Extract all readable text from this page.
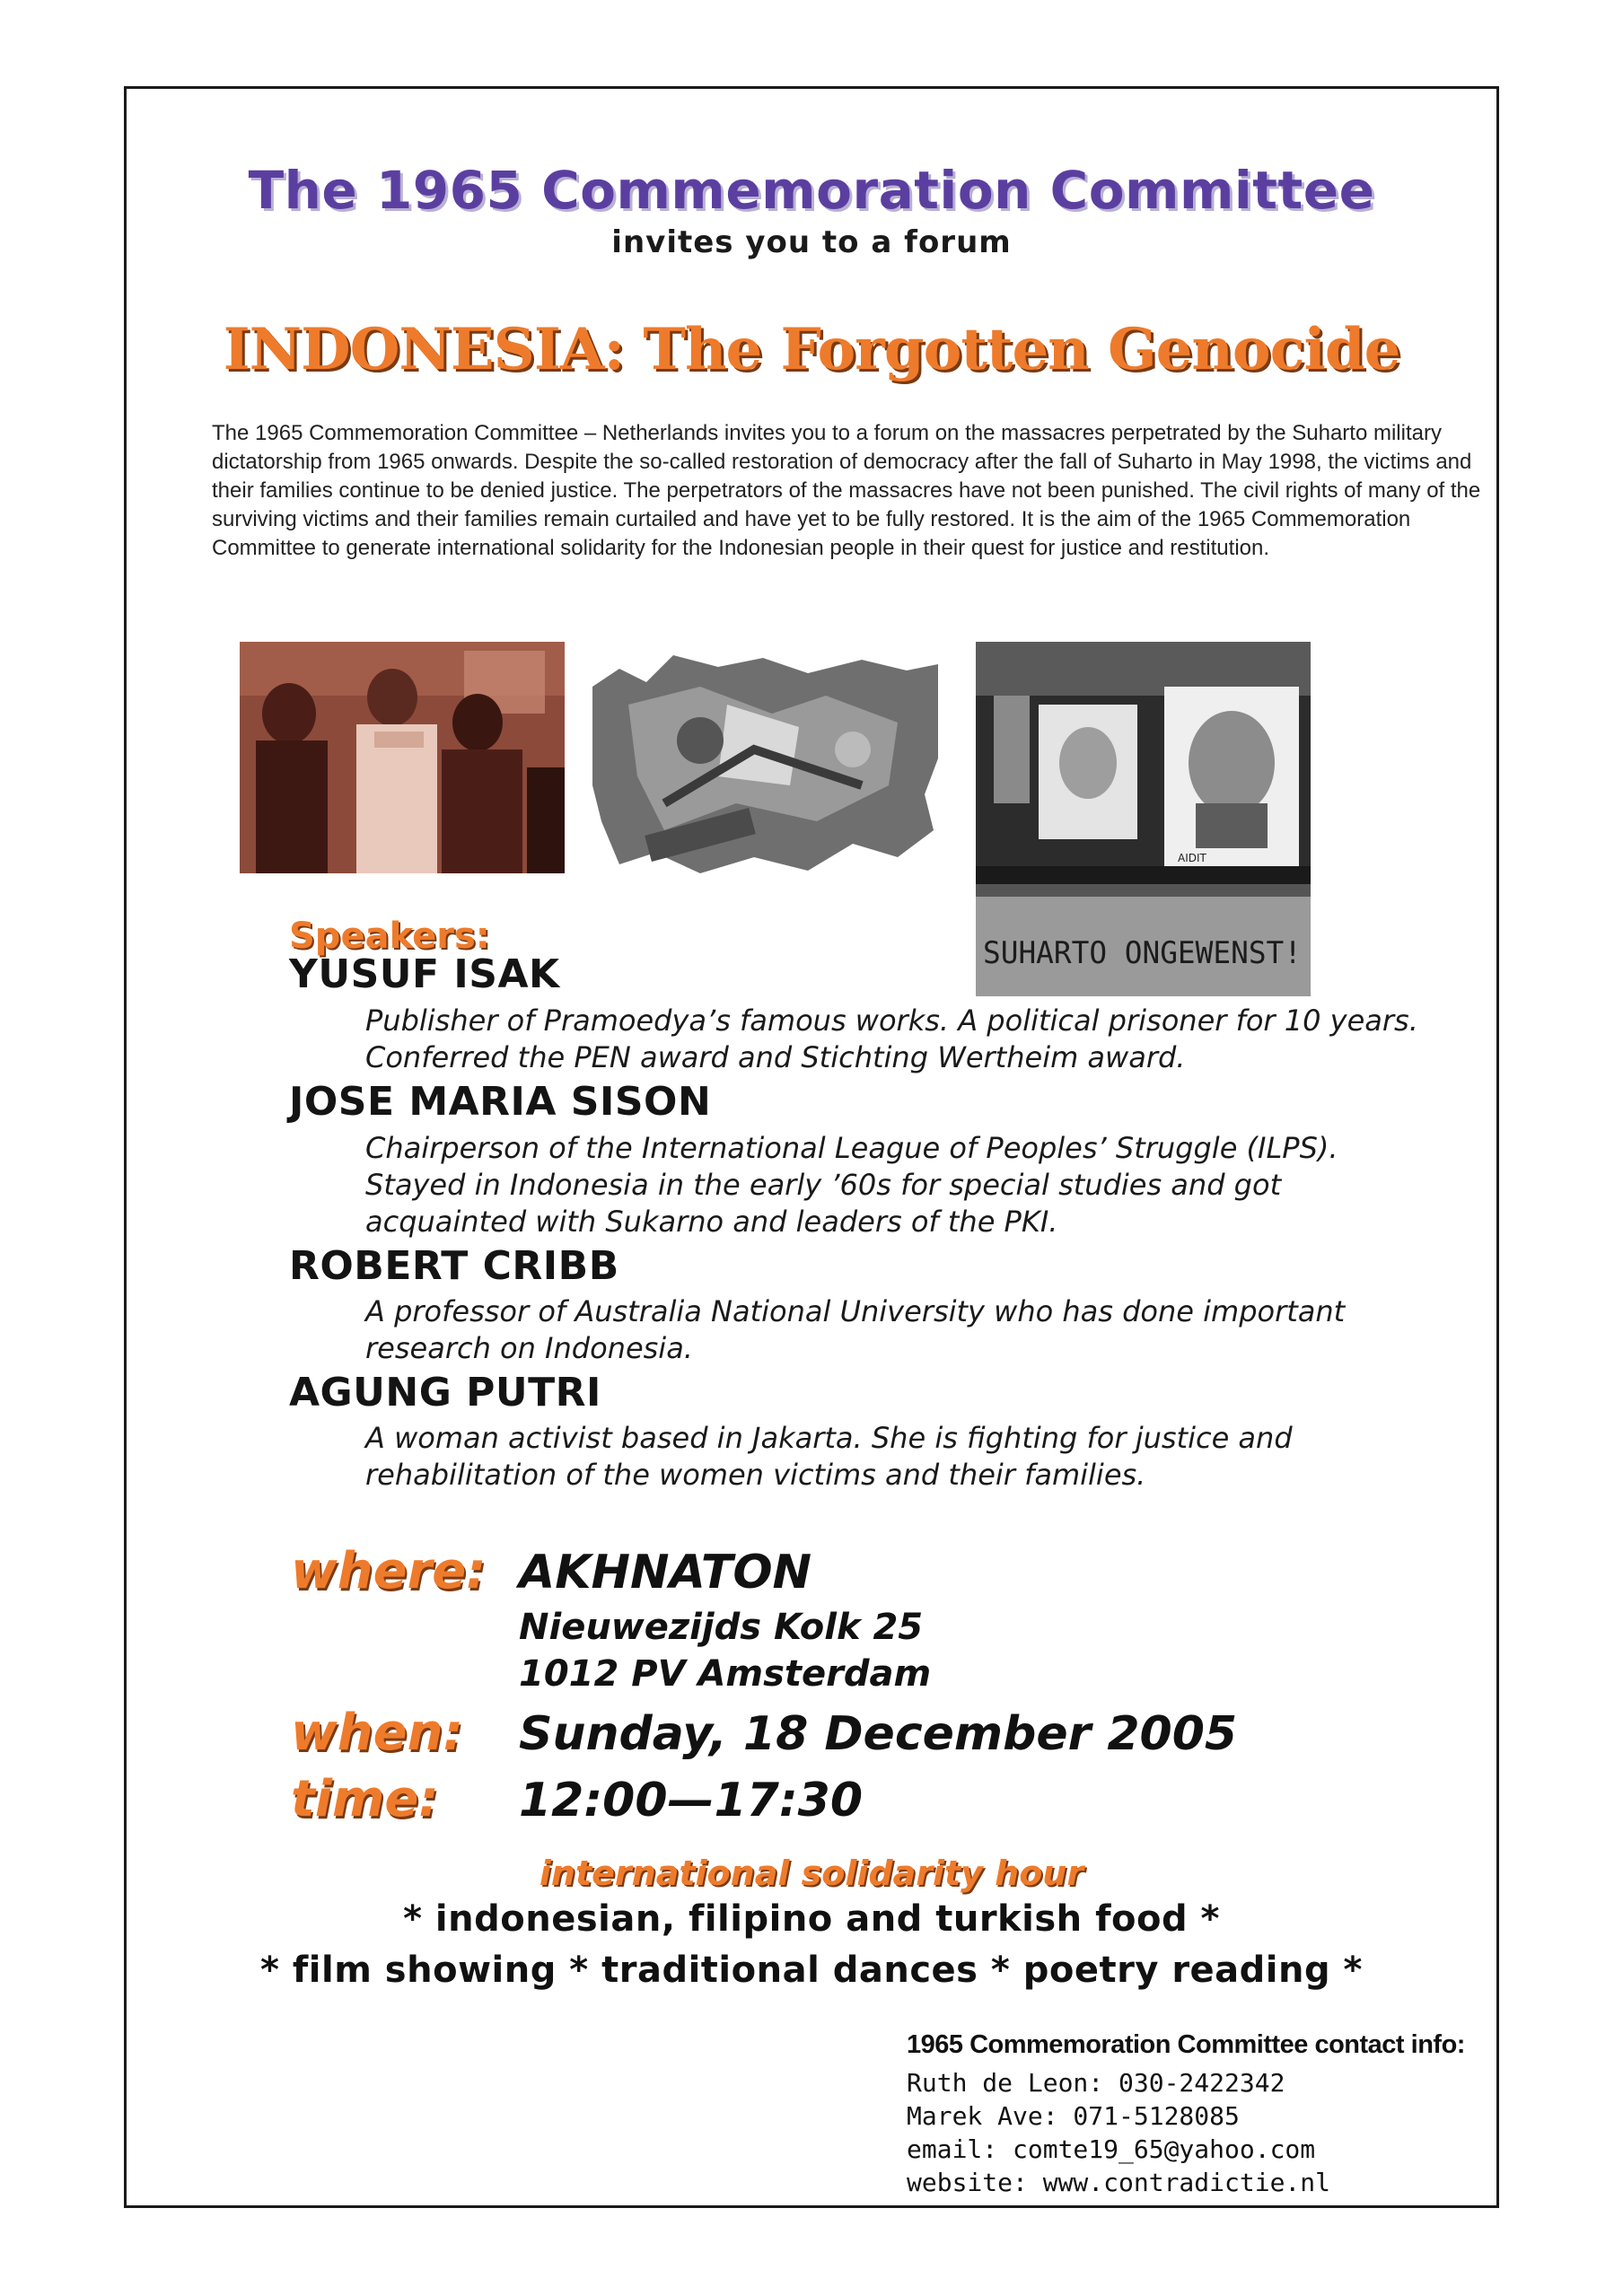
The 1965 Commemoration Committee
invites you to a forum
INDONESIA: The Forgotten Genocide
The 1965 Commemoration Committee – Netherlands invites you to a forum on the massacres perpetrated by the Suharto military dictatorship from 1965 onwards. Despite the so-called restoration of democracy after the fall of Suharto in May 1998, the victims and their families continue to be denied justice. The perpetrators of the massacres have not been punished. The civil rights of many of the surviving victims and their families remain curtailed and have yet to be fully restored. It is the aim of the 1965 Commemoration Committee to generate international solidarity for the Indonesian people in their quest for justice and restitution.
AIDIT
SUHARTO ONGEWENST!
Speakers:
YUSUF ISAK
Publisher of Pramoedya’s famous works. A political prisoner for 10 years.
Conferred the PEN award and Stichting Wertheim award.
JOSE MARIA SISON
Chairperson of the International League of Peoples’ Struggle (ILPS).
Stayed in Indonesia in the early ’60s for special studies and got
acquainted with Sukarno and leaders of the PKI.
ROBERT CRIBB
A professor of Australia National University who has done important
research on Indonesia.
AGUNG PUTRI
A woman activist based in Jakarta. She is fighting for justice and
rehabilitation of the women victims and their families.
where: AKHNATON
Nieuwezijds Kolk 25
1012 PV Amsterdam
when: Sunday, 18 December 2005
time: 12:00—17:30
international solidarity hour
* indonesian, filipino and turkish food *
* film showing * traditional dances * poetry reading *
1965 Commemoration Committee contact info:
Ruth de Leon: 030-2422342
Marek Ave: 071-5128085
email: comte19_65@yahoo.com
website: www.contradictie.nl
